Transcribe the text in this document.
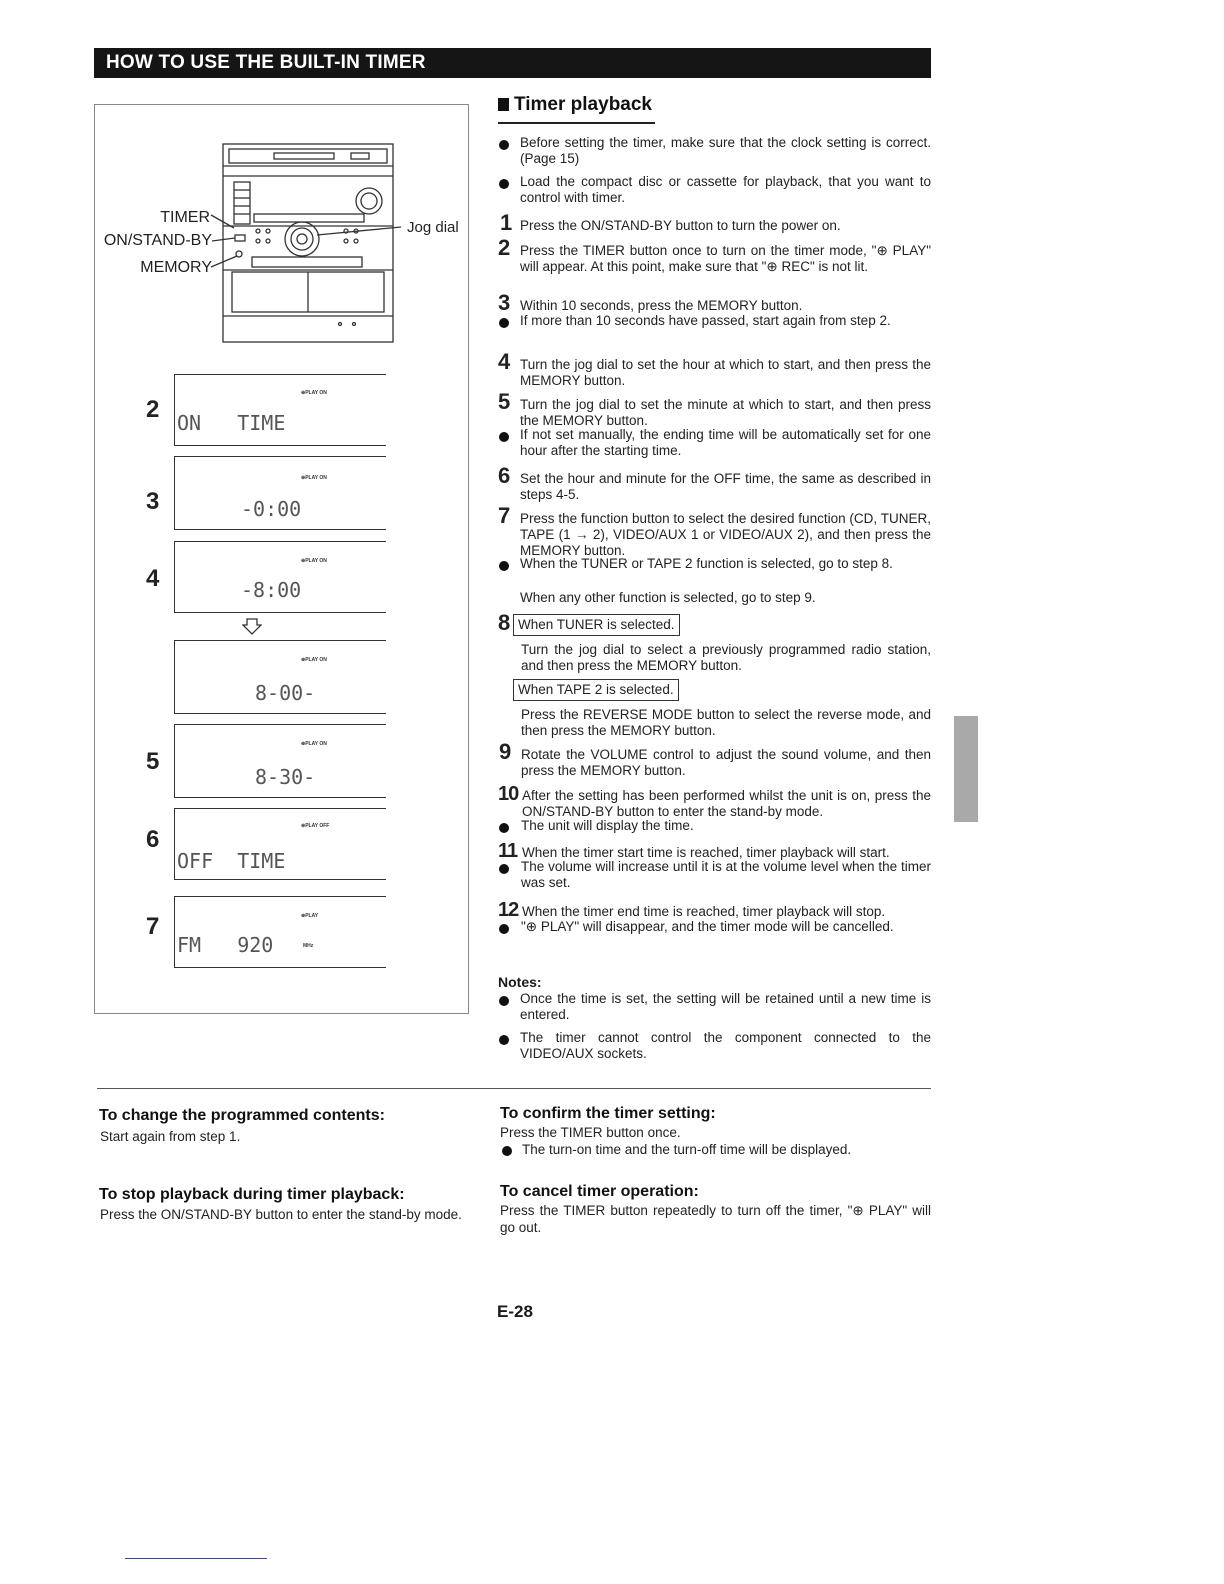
HOW TO USE THE BUILT-IN TIMER
TIMER
ON/STAND-BY
MEMORY
Jog dial
2
⊕PLAY ON
ON   TIME
3
⊕PLAY ON
-0:00
4
⊕PLAY ON
-8:00
⊕PLAY ON
8-00-
5
⊕PLAY ON
8-30-
6	⊕PLAY OFF
OFF  TIME
7	⊕PLAY
FM   920	MHz
Timer playback
Before setting the timer, make sure that the clock setting is correct. (Page 15)
Load the compact disc or cassette for playback, that you want to control with timer.
1 Press the ON/STAND-BY button to turn the power on.
2 Press the TIMER button once to turn on the timer mode, "⊕ PLAY" will appear. At this point, make sure that "⊕ REC" is not lit.
3 Within 10 seconds, press the MEMORY button.
If more than 10 seconds have passed, start again from step 2.
4 Turn the jog dial to set the hour at which to start, and then press the MEMORY button.
5 Turn the jog dial to set the minute at which to start, and then press the MEMORY button.
If not set manually, the ending time will be automatically set for one hour after the starting time.
6 Set the hour and minute for the OFF time, the same as described in steps 4-5.
7 Press the function button to select the desired function (CD, TUNER, TAPE (1 → 2), VIDEO/AUX 1 or VIDEO/AUX 2), and then press the MEMORY button.
When the TUNER or TAPE 2 function is selected, go to step 8.
When any other function is selected, go to step 9.
8 When TUNER is selected.
Turn the jog dial to select a previously programmed radio station, and then press the MEMORY button.
When TAPE 2 is selected.
Press the REVERSE MODE button to select the reverse mode, and then press the MEMORY button.
9 Rotate the VOLUME control to adjust the sound volume, and then press the MEMORY button.
10 After the setting has been performed whilst the unit is on, press the ON/STAND-BY button to enter the stand-by mode.
The unit will display the time.
11 When the timer start time is reached, timer playback will start.
The volume will increase until it is at the volume level when the timer was set.
12 When the timer end time is reached, timer playback will stop.
"⊕ PLAY" will disappear, and the timer mode will be cancelled.
Notes:
Once the time is set, the setting will be retained until a new time is entered.
The timer cannot control the component connected to the VIDEO/AUX sockets.
To change the programmed contents:
Start again from step 1.
To stop playback during timer playback:
Press the ON/STAND-BY button to enter the stand-by mode.
To confirm the timer setting:
Press the TIMER button once.
The turn-on time and the turn-off time will be displayed.
To cancel timer operation:
Press the TIMER button repeatedly to turn off the timer, "⊕ PLAY" will go out.
E-28
